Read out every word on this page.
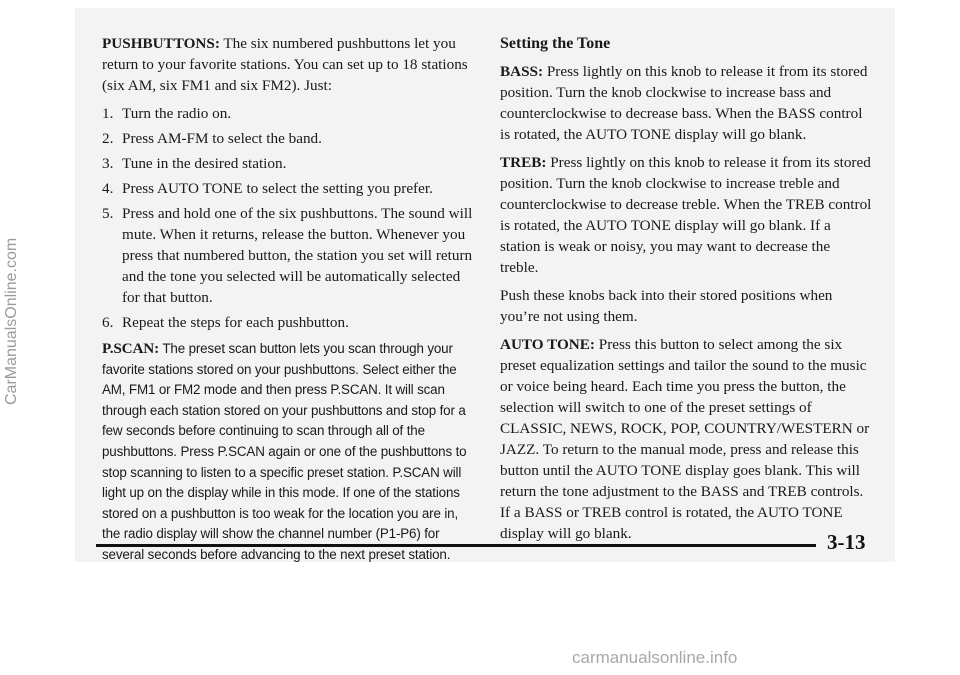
PUSHBUTTONS: The six numbered pushbuttons let you return to your favorite stations. You can set up to 18 stations (six AM, six FM1 and six FM2). Just:

1. Turn the radio on.
2. Press AM-FM to select the band.
3. Tune in the desired station.
4. Press AUTO TONE to select the setting you prefer.
5. Press and hold one of the six pushbuttons. The sound will mute. When it returns, release the button. Whenever you press that numbered button, the station you set will return and the tone you selected will be automatically selected for that button.
6. Repeat the steps for each pushbutton.

P.SCAN: The preset scan button lets you scan through your favorite stations stored on your pushbuttons. Select either the AM, FM1 or FM2 mode and then press P.SCAN. It will scan through each station stored on your pushbuttons and stop for a few seconds before continuing to scan through all of the pushbuttons. Press P.SCAN again or one of the pushbuttons to stop scanning to listen to a specific preset station. P.SCAN will light up on the display while in this mode. If one of the stations stored on a pushbutton is too weak for the location you are in, the radio display will show the channel number (P1-P6) for several seconds before advancing to the next preset station.

Setting the Tone

BASS: Press lightly on this knob to release it from its stored position. Turn the knob clockwise to increase bass and counterclockwise to decrease bass. When the BASS control is rotated, the AUTO TONE display will go blank.

TREB: Press lightly on this knob to release it from its stored position. Turn the knob clockwise to increase treble and counterclockwise to decrease treble. When the TREB control is rotated, the AUTO TONE display will go blank. If a station is weak or noisy, you may want to decrease the treble.

Push these knobs back into their stored positions when you’re not using them.

AUTO TONE: Press this button to select among the six preset equalization settings and tailor the sound to the music or voice being heard. Each time you press the button, the selection will switch to one of the preset settings of CLASSIC, NEWS, ROCK, POP, COUNTRY/WESTERN or JAZZ. To return to the manual mode, press and release this button until the AUTO TONE display goes blank. This will return the tone adjustment to the BASS and TREB controls. If a BASS or TREB control is rotated, the AUTO TONE display will go blank.	3-13
CarManualsOnline.com
carmanualsonline.info
